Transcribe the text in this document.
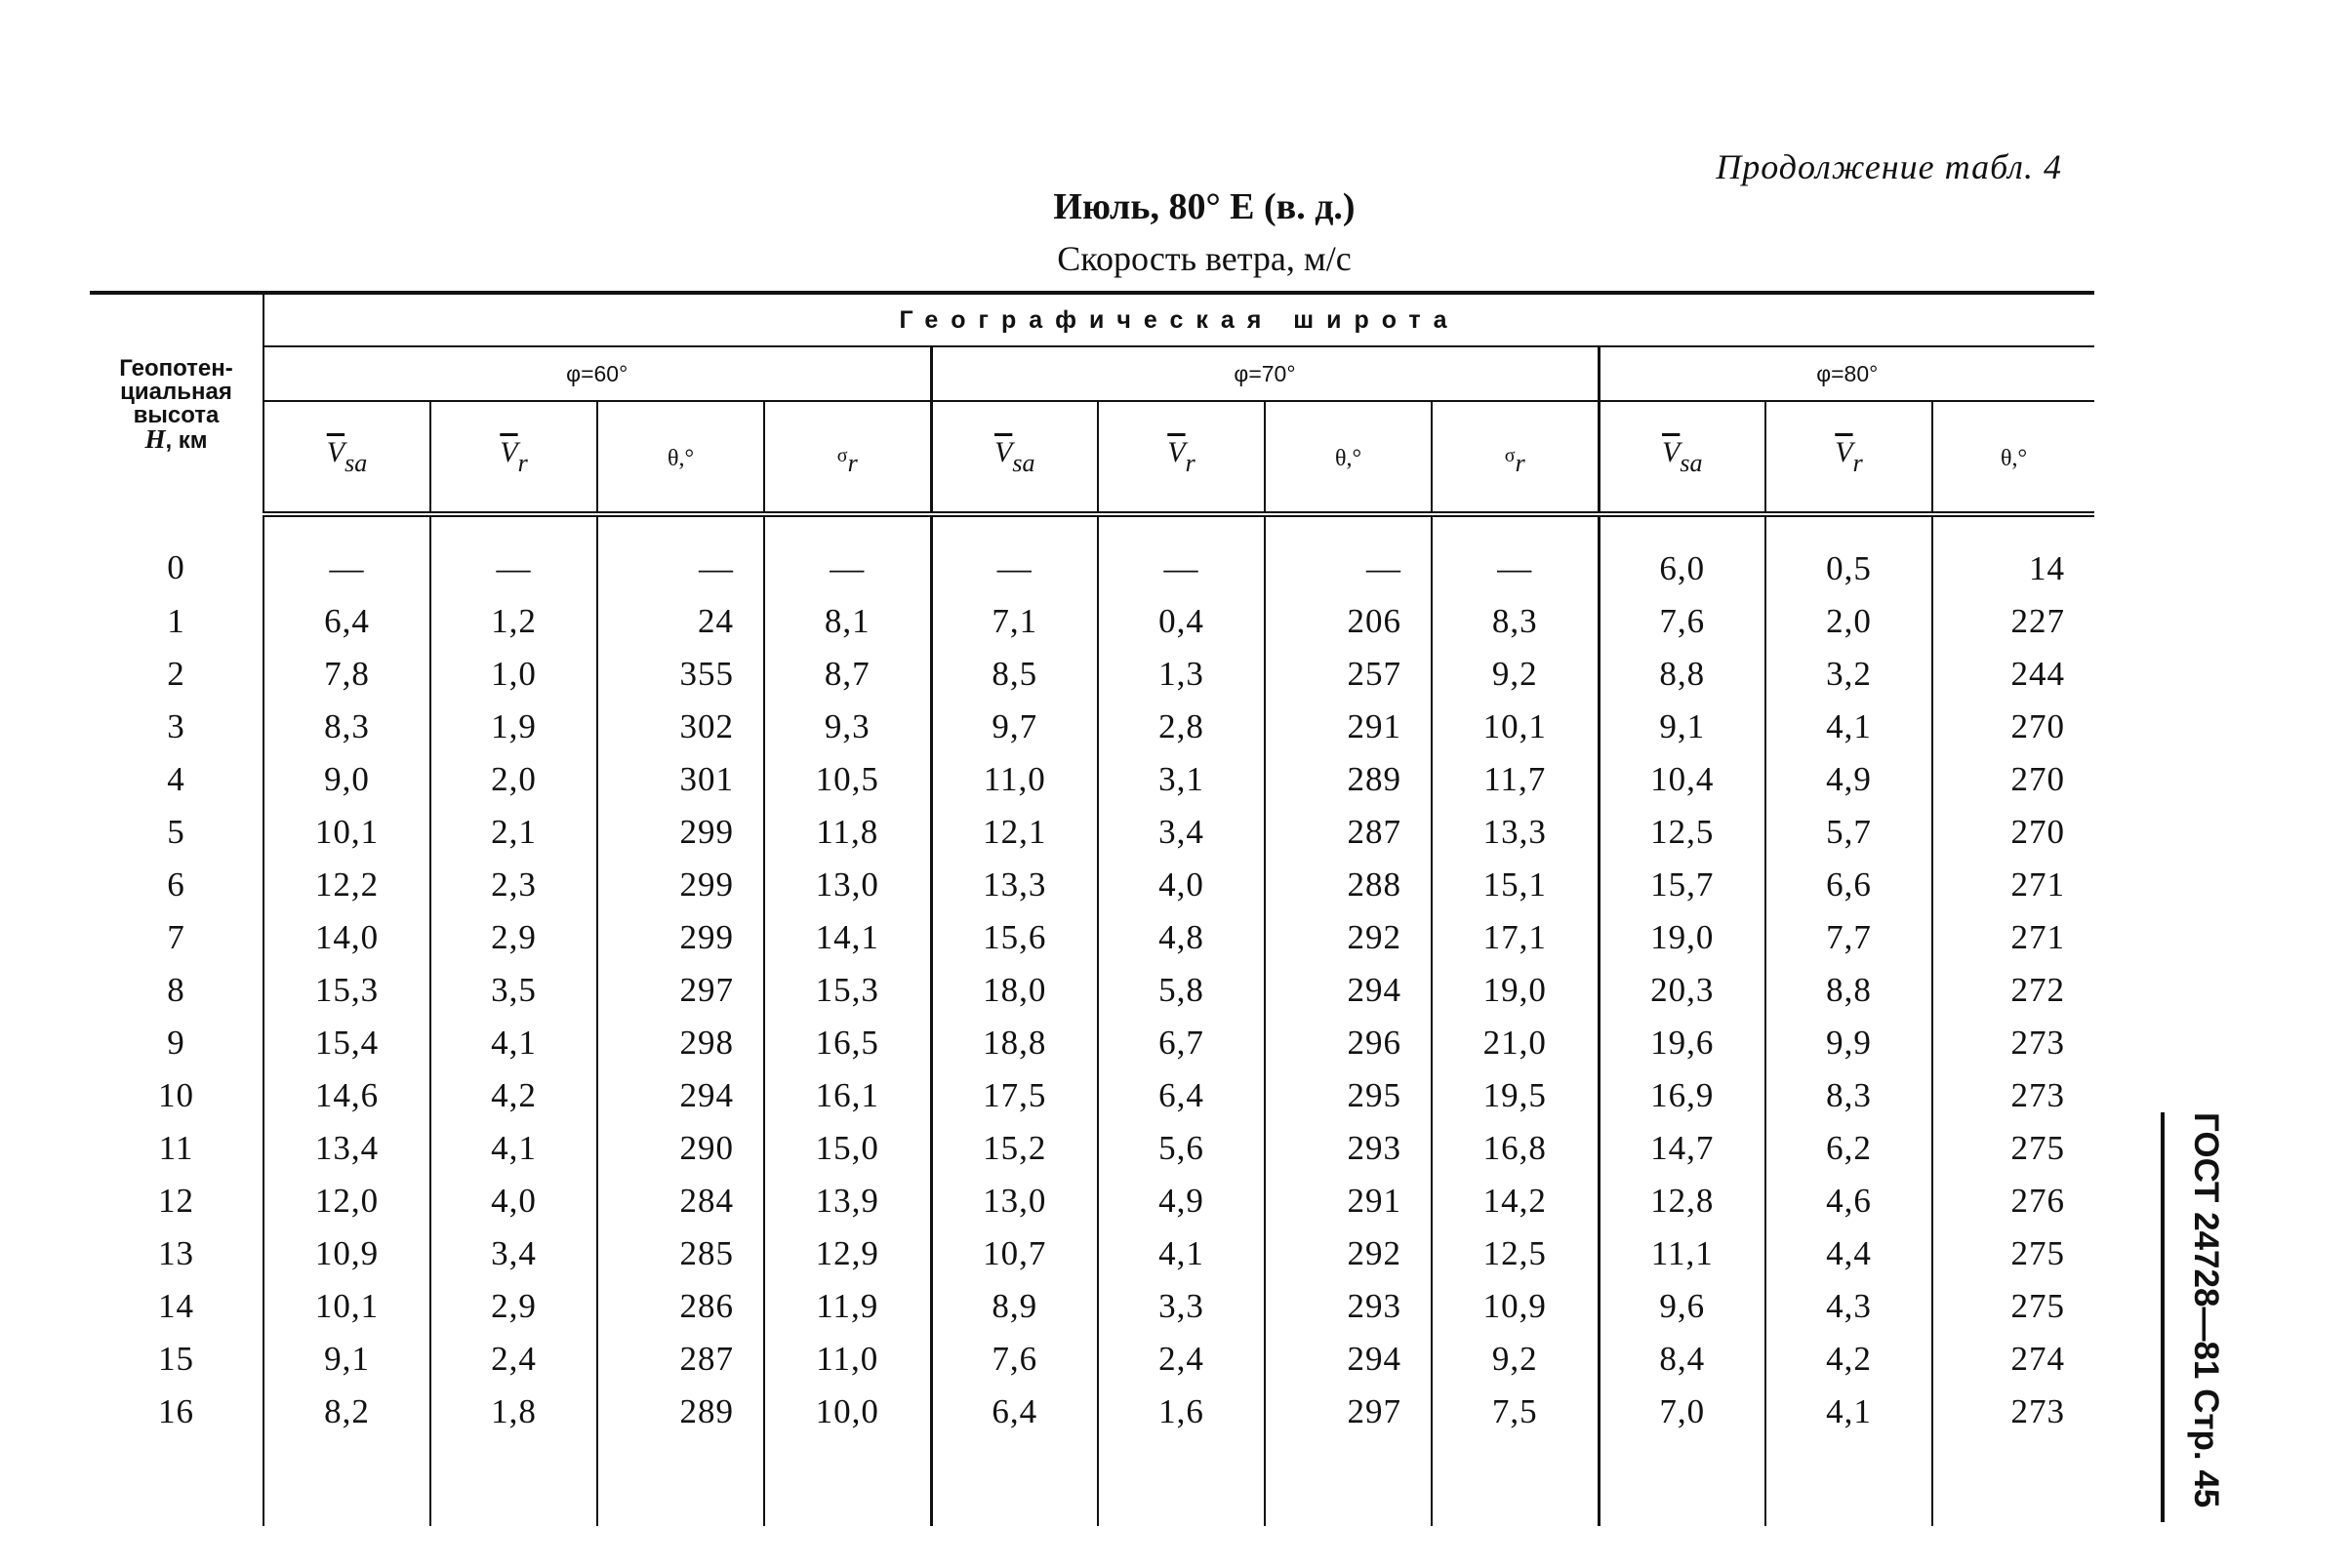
Продолжение табл. 4
Июль, 80° E (в. д.)
Скорость ветра, м/с
Геопотен-
циальная
высота
H, км	Географическая широта										
	φ=60°				φ=70°				φ=80°		
	$\overline{V}_{sa}$	$\overline{V}_r$	θ,°	$\sigma_r$	$\overline{V}_{sa}$	$\overline{V}_r$	θ,°	$\sigma_r$	$\overline{V}_{sa}$	$\overline{V}_r$	θ,°
0	—	—	—	—	—	—	—	—	6,0	0,5	14
1	6,4	1,2	24	8,1	7,1	0,4	206	8,3	7,6	2,0	227
2	7,8	1,0	355	8,7	8,5	1,3	257	9,2	8,8	3,2	244
3	8,3	1,9	302	9,3	9,7	2,8	291	10,1	9,1	4,1	270
4	9,0	2,0	301	10,5	11,0	3,1	289	11,7	10,4	4,9	270
5	10,1	2,1	299	11,8	12,1	3,4	287	13,3	12,5	5,7	270
6	12,2	2,3	299	13,0	13,3	4,0	288	15,1	15,7	6,6	271
7	14,0	2,9	299	14,1	15,6	4,8	292	17,1	19,0	7,7	271
8	15,3	3,5	297	15,3	18,0	5,8	294	19,0	20,3	8,8	272
9	15,4	4,1	298	16,5	18,8	6,7	296	21,0	19,6	9,9	273
10	14,6	4,2	294	16,1	17,5	6,4	295	19,5	16,9	8,3	273
11	13,4	4,1	290	15,0	15,2	5,6	293	16,8	14,7	6,2	275
12	12,0	4,0	284	13,9	13,0	4,9	291	14,2	12,8	4,6	276
13	10,9	3,4	285	12,9	10,7	4,1	292	12,5	11,1	4,4	275
14	10,1	2,9	286	11,9	8,9	3,3	293	10,9	9,6	4,3	275
15	9,1	2,4	287	11,0	7,6	2,4	294	9,2	8,4	4,2	274
16	8,2	1,8	289	10,0	6,4	1,6	297	7,5	7,0	4,1	273
												ГОСТ 24728—81 Стр. 45
